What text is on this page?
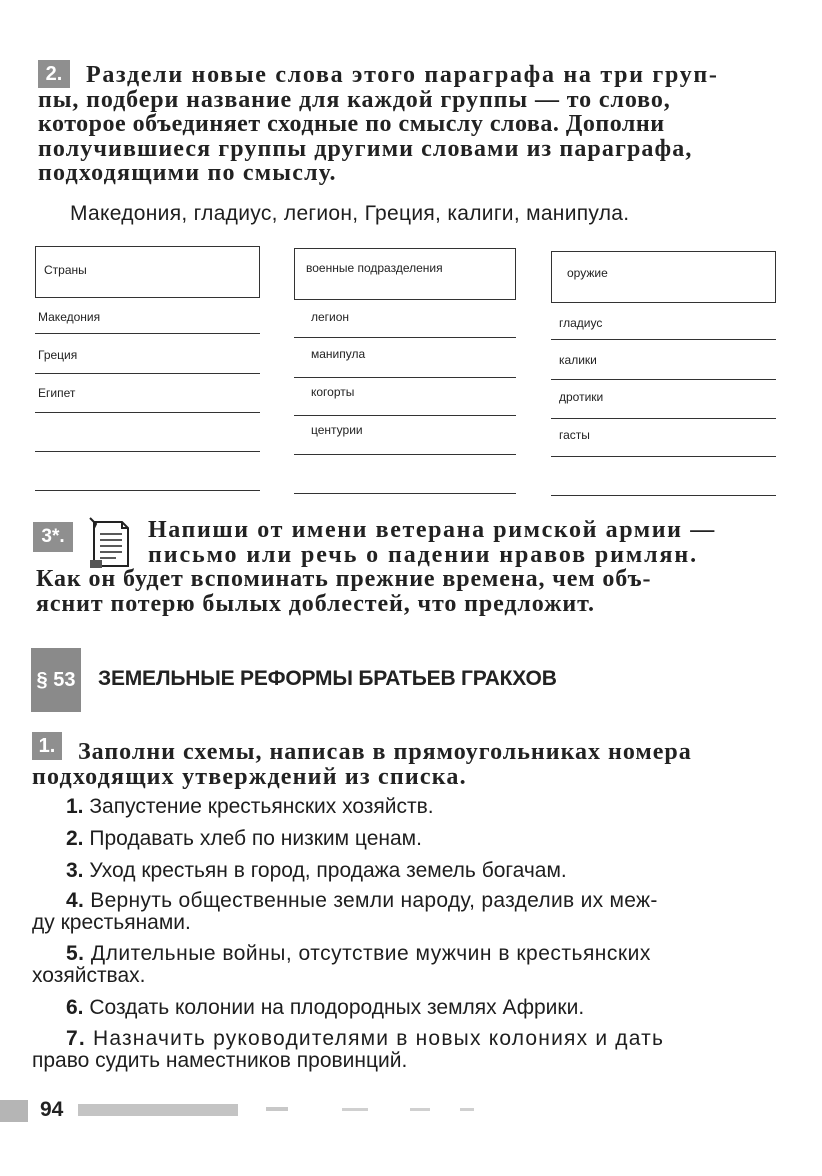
2. Раздели новые слова этого параграфа на три груп-
пы, подбери название для каждой группы — то слово,
которое объединяет сходные по смыслу слова. Дополни
получившиеся группы другими словами из параграфа,
подходящими по смыслу.
Македония, гладиус, легион, Греция, калиги, манипула.
Страны
Македония
Греция
Египет
военные подразделения
легион
манипула
когорты
центурии
оружие
гладиус
калики
дротики
гасты
3*.	Напиши от имени ветерана римской армии —
письмо или речь о падении нравов римлян.
Как он будет вспоминать прежние времена, чем объ-
яснит потерю былых доблестей, что предложит.
§ 53 ЗЕМЕЛЬНЫЕ РЕФОРМЫ БРАТЬЕВ ГРАКХОВ
1. Заполни схемы, написав в прямоугольниках номера
подходящих утверждений из списка.
1. Запустение крестьянских хозяйств.
2. Продавать хлеб по низким ценам.
3. Уход крестьян в город, продажа земель богачам.
4. Вернуть общественные земли народу, разделив их меж-
ду крестьянами.
5. Длительные войны, отсутствие мужчин в крестьянских
хозяйствах.
6. Создать колонии на плодородных землях Африки.
7. Назначить руководителями в новых колониях и дать
право судить наместников провинций.
94
